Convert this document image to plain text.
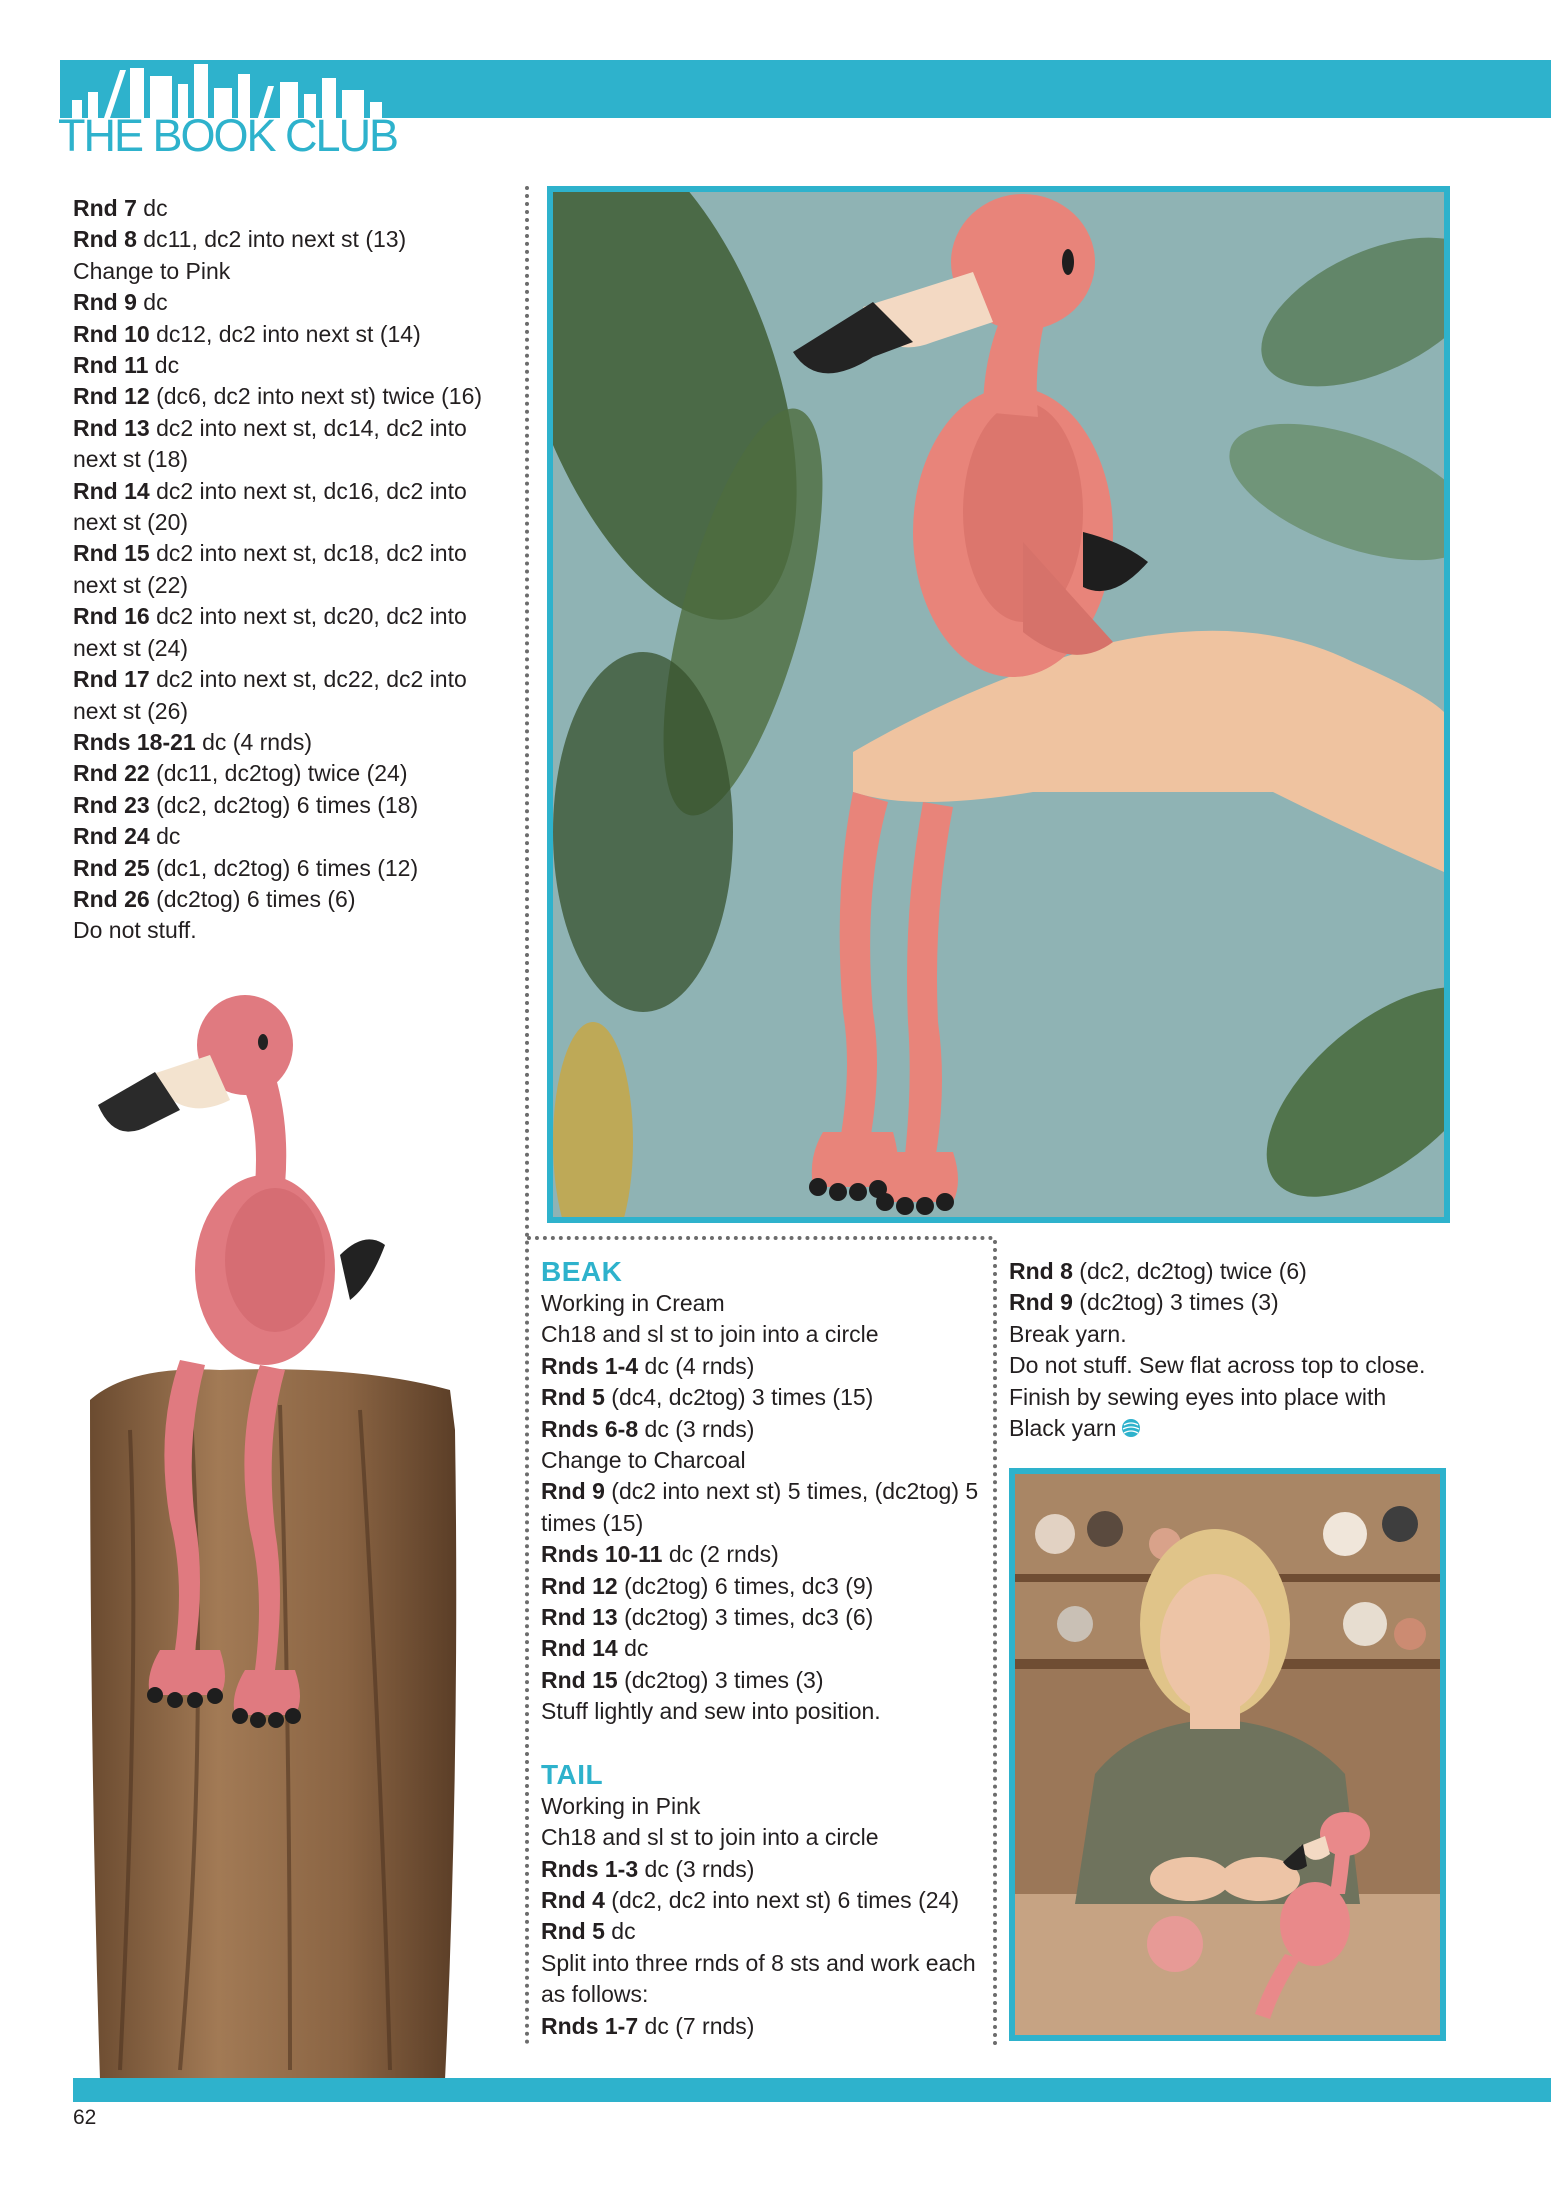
THE BOOK CLUB

Rnd 7 dc

Rnd 8 dc11, dc2 into next st (13)

Change to Pink

Rnd 9 dc

Rnd 10 dc12, dc2 into next st (14)

Rnd 11 dc

Rnd 12 (dc6, dc2 into next st) twice (16)

Rnd 13 dc2 into next st, dc14, dc2 into next st (18)

Rnd 14 dc2 into next st, dc16, dc2 into next st (20)

Rnd 15 dc2 into next st, dc18, dc2 into next st (22)

Rnd 16 dc2 into next st, dc20, dc2 into next st (24)

Rnd 17 dc2 into next st, dc22, dc2 into next st (26)

Rnds 18-21 dc (4 rnds)

Rnd 22 (dc11, dc2tog) twice (24)

Rnd 23 (dc2, dc2tog) 6 times (18)

Rnd 24 dc

Rnd 25 (dc1, dc2tog) 6 times (12)

Rnd 26 (dc2tog) 6 times (6)

Do not stuff.

BEAK

Working in Cream

Ch18 and sl st to join into a circle

Rnds 1-4 dc (4 rnds)

Rnd 5 (dc4, dc2tog) 3 times (15)

Rnds 6-8 dc (3 rnds)

Change to Charcoal

Rnd 9 (dc2 into next st) 5 times, (dc2tog) 5 times (15)

Rnds 10-11 dc (2 rnds)

Rnd 12 (dc2tog) 6 times, dc3 (9)

Rnd 13 (dc2tog) 3 times, dc3 (6)

Rnd 14 dc

Rnd 15 (dc2tog) 3 times (3)

Stuff lightly and sew into position.

TAIL

Working in Pink

Ch18 and sl st to join into a circle

Rnds 1-3 dc (3 rnds)

Rnd 4 (dc2, dc2 into next st) 6 times (24)

Rnd 5 dc

Split into three rnds of 8 sts and work each as follows:

Rnds 1-7 dc (7 rnds)

Rnd 8 (dc2, dc2tog) twice (6)

Rnd 9 (dc2tog) 3 times (3)

Break yarn.

Do not stuff. Sew flat across top to close.

Finish by sewing eyes into place with Black yarn

62
